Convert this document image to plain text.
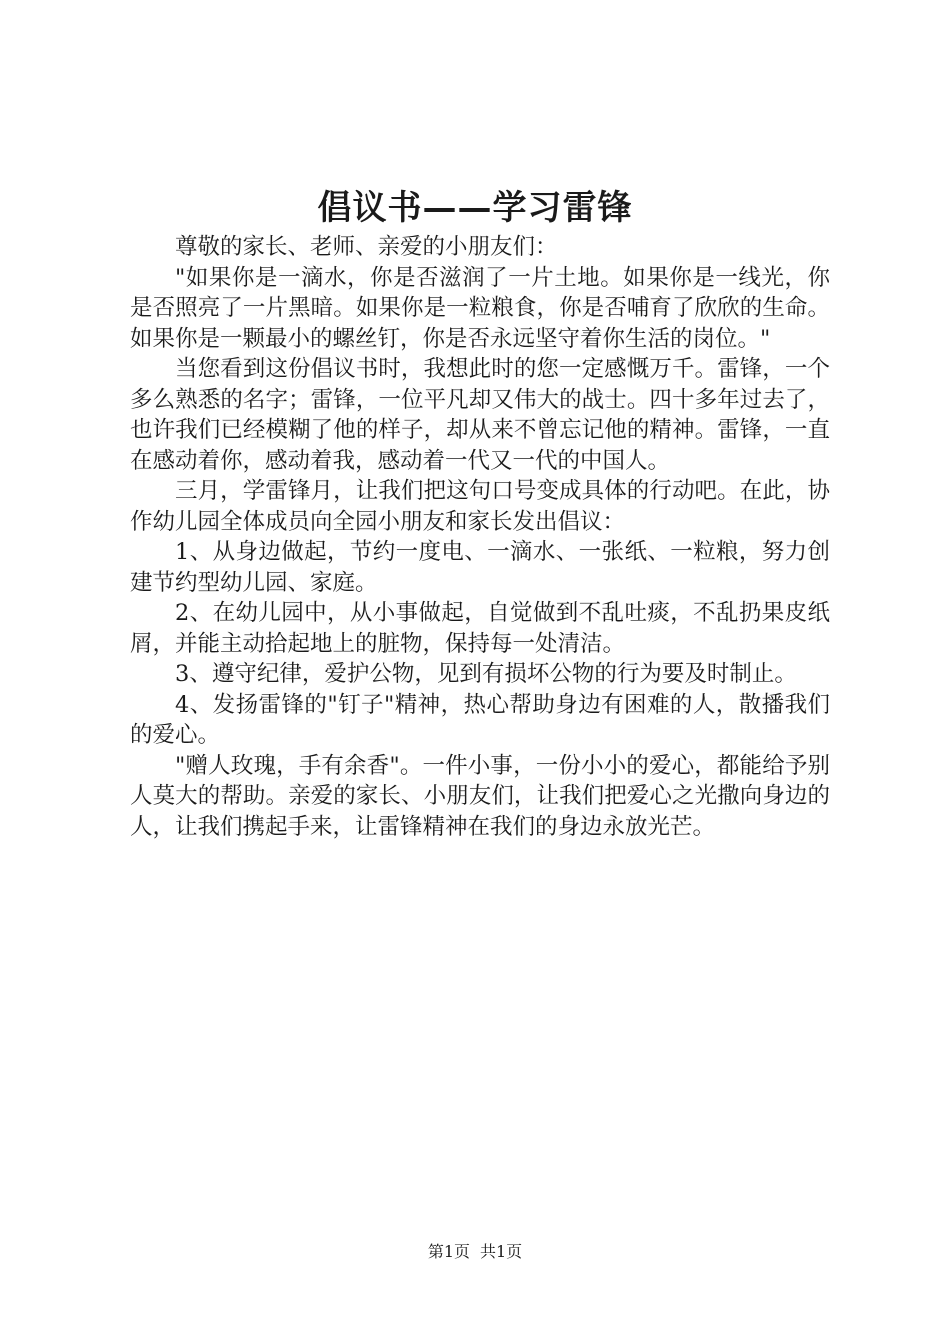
倡议书——学习雷锋

尊敬的家长、老师、亲爱的小朋友们：

"如果你是一滴水，你是否滋润了一片土地。如果你是一线光，你是否照亮了一片黑暗。如果你是一粒粮食，你是否哺育了欣欣的生命。如果你是一颗最小的螺丝钉，你是否永远坚守着你生活的岗位。"

当您看到这份倡议书时，我想此时的您一定感慨万千。雷锋，一个多么熟悉的名字；雷锋，一位平凡却又伟大的战士。四十多年过去了，也许我们已经模糊了他的样子，却从来不曾忘记他的精神。雷锋，一直在感动着你，感动着我，感动着一代又一代的中国人。

三月，学雷锋月，让我们把这句口号变成具体的行动吧。在此，协作幼儿园全体成员向全园小朋友和家长发出倡议：

1、从身边做起，节约一度电、一滴水、一张纸、一粒粮，努力创建节约型幼儿园、家庭。

2、在幼儿园中，从小事做起，自觉做到不乱吐痰，不乱扔果皮纸屑，并能主动拾起地上的脏物，保持每一处清洁。

3、遵守纪律，爱护公物，见到有损坏公物的行为要及时制止。

4、发扬雷锋的"钉子"精神，热心帮助身边有困难的人，散播我们的爱心。

"赠人玫瑰，手有余香"。一件小事，一份小小的爱心，都能给予别人莫大的帮助。亲爱的家长、小朋友们，让我们把爱心之光撒向身边的人，让我们携起手来，让雷锋精神在我们的身边永放光芒。

第1页 共1页
